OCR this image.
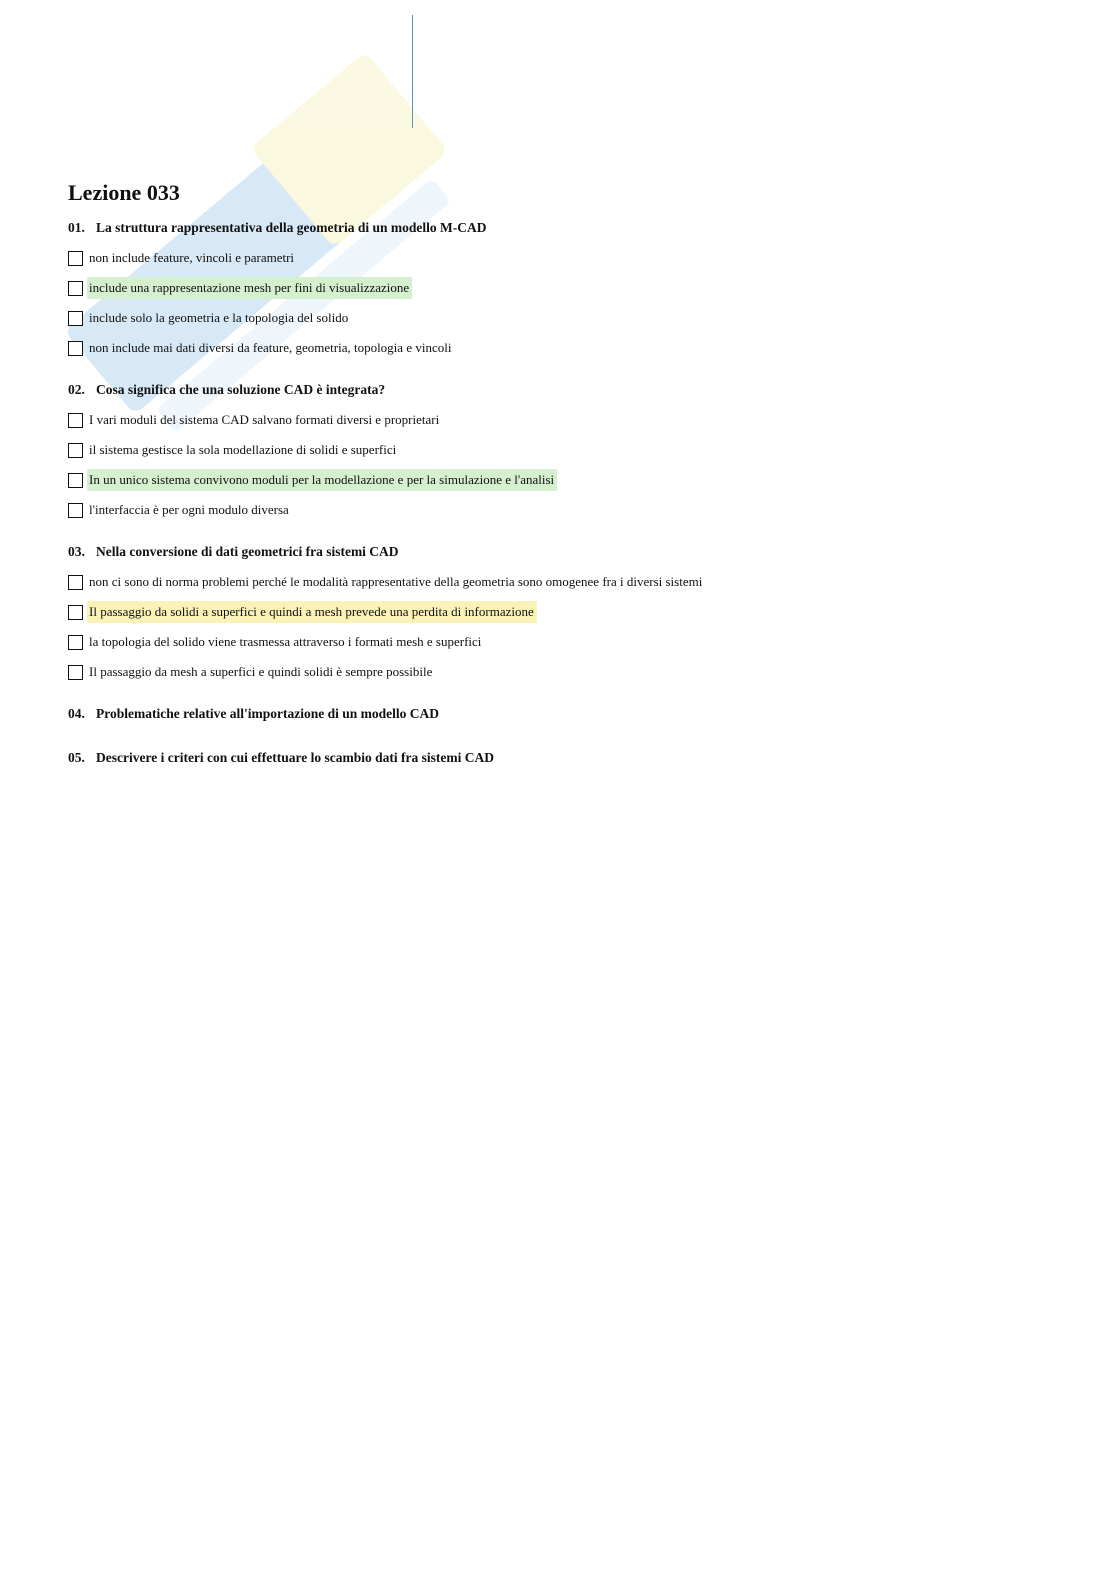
Lezione 033
01. La struttura rappresentativa della geometria di un modello M-CAD
non include feature, vincoli e parametri
include una rappresentazione mesh per fini di visualizzazione
include solo la geometria e la topologia del solido
non include mai dati diversi da feature, geometria, topologia e vincoli
02. Cosa significa che una soluzione CAD è integrata?
I vari moduli del sistema CAD salvano formati diversi e proprietari
il sistema gestisce la sola modellazione di solidi e superfici
In un unico sistema convivono moduli per la modellazione e per la simulazione e l'analisi
l'interfaccia è per ogni modulo diversa
03. Nella conversione di dati geometrici fra sistemi CAD
non ci sono di norma problemi perché le modalità rappresentative della geometria sono omogenee fra i diversi sistemi
Il passaggio da solidi a superfici e quindi a mesh prevede una perdita di informazione
la topologia del solido viene trasmessa attraverso i formati mesh e superfici
Il passaggio da mesh a superfici e quindi solidi è sempre possibile
04. Problematiche relative all'importazione di un modello CAD
05. Descrivere i criteri con cui effettuare lo scambio dati fra sistemi CAD
